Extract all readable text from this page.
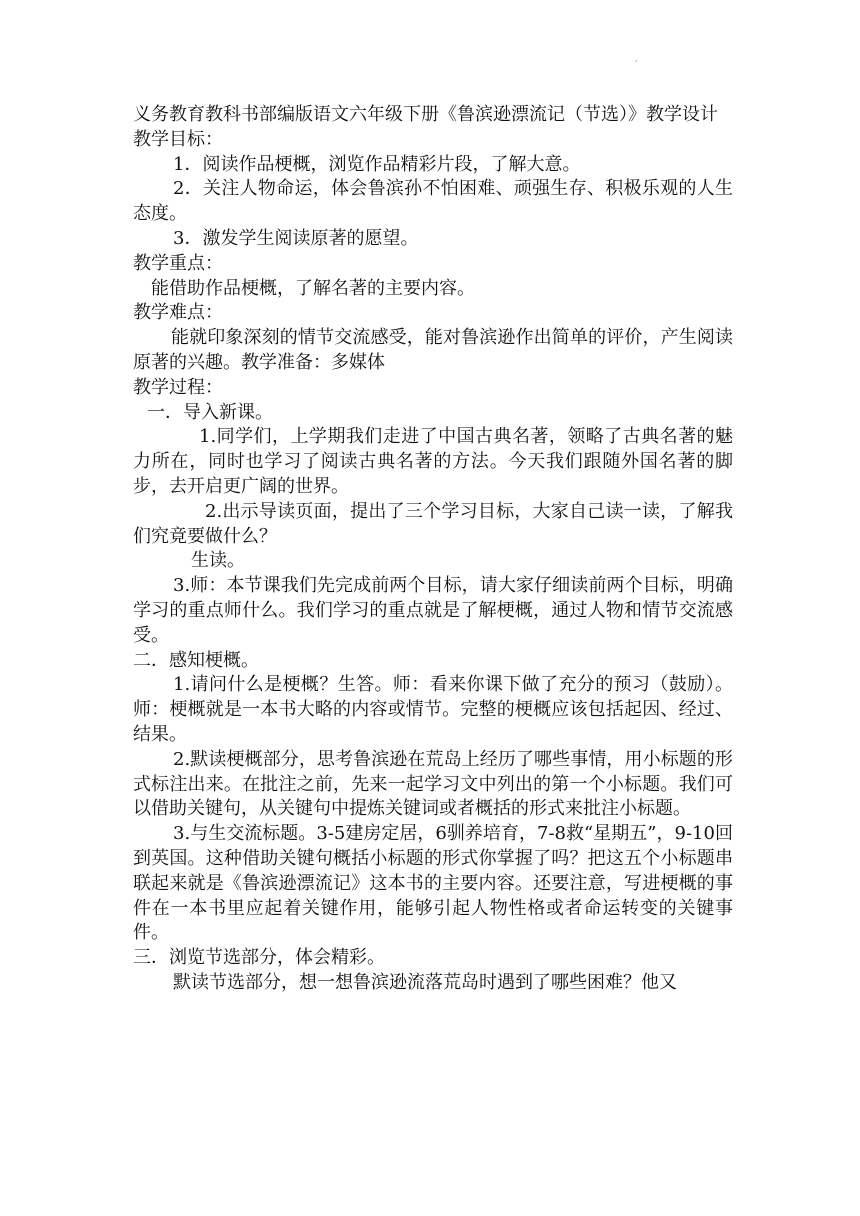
·

义务教育教科书部编版语文六年级下册《鲁滨逊漂流记（节选）》教学设计

教学目标：

1．阅读作品梗概，浏览作品精彩片段，了解大意。

2．关注人物命运，体会鲁滨孙不怕困难、顽强生存、积极乐观的人生态度。

3．激发学生阅读原著的愿望。

教学重点：

能借助作品梗概，了解名著的主要内容。

教学难点：

能就印象深刻的情节交流感受，能对鲁滨逊作出简单的评价，产生阅读原著的兴趣。教学准备：多媒体

教学过程：

一．导入新课。

1.同学们，上学期我们走进了中国古典名著，领略了古典名著的魅力所在，同时也学习了阅读古典名著的方法。今天我们跟随外国名著的脚步，去开启更广阔的世界。

2.出示导读页面，提出了三个学习目标，大家自己读一读，了解我们究竟要做什么？

生读。

3.师：本节课我们先完成前两个目标，请大家仔细读前两个目标，明确学习的重点师什么。我们学习的重点就是了解梗概，通过人物和情节交流感受。

二．感知梗概。

1.请问什么是梗概？生答。师：看来你课下做了充分的预习（鼓励）。师：梗概就是一本书大略的内容或情节。完整的梗概应该包括起因、经过、结果。

2.默读梗概部分，思考鲁滨逊在荒岛上经历了哪些事情，用小标题的形式标注出来。在批注之前，先来一起学习文中列出的第一个小标题。我们可以借助关键句，从关键句中提炼关键词或者概括的形式来批注小标题。

3.与生交流标题。3-5建房定居，6驯养培育，7-8救“星期五”，9-10回到英国。这种借助关键句概括小标题的形式你掌握了吗？把这五个小标题串联起来就是《鲁滨逊漂流记》这本书的主要内容。还要注意，写进梗概的事件在一本书里应起着关键作用，能够引起人物性格或者命运转变的关键事件。

三．浏览节选部分，体会精彩。

默读节选部分，想一想鲁滨逊流落荒岛时遇到了哪些困难？他又
